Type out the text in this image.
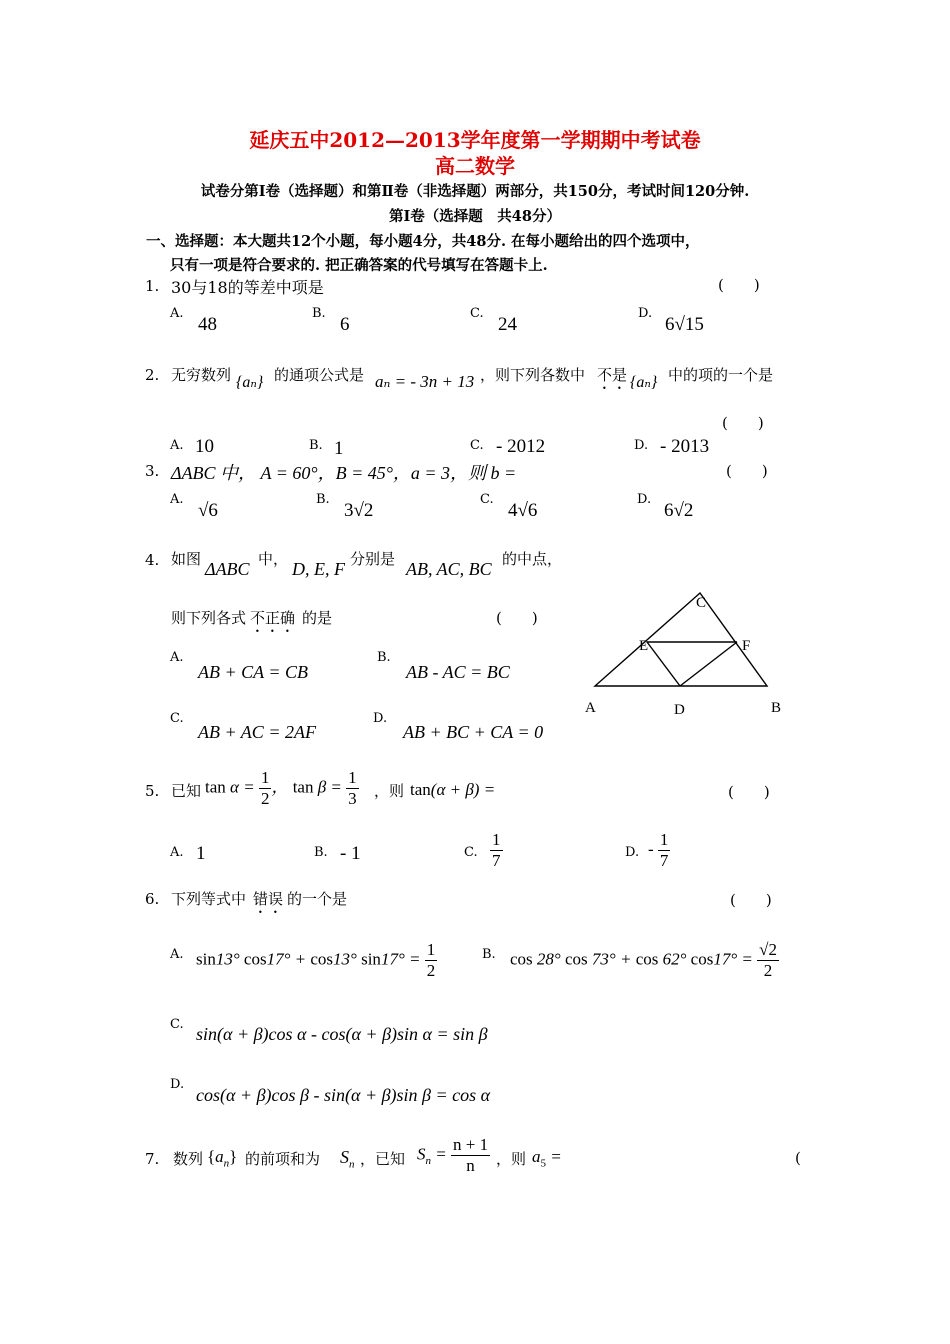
延庆五中2012—2013学年度第一学期期中考试卷
高二数学
试卷分第Ⅰ卷（选择题）和第Ⅱ卷（非选择题）两部分，共150分，考试时间120分钟.
第Ⅰ卷（选择题　共48分）
一、选择题：本大题共12个小题，每小题4分，共48分. 在每小题给出的四个选项中，
只有一项是符合要求的. 把正确答案的代号填写在答题卡上.
1. 30与18的等差中项是	(　　)
A.
48
B.
6
C.
24
D.
6√15
2. 无穷数列 {aₙ} 的通项公式是 aₙ = - 3n + 13 ，则下列各数中 不是 {aₙ} 中的项的一个是
(　　)
A. 10	B. 1	C. - 2012	D. - 2013
3. ΔABC 中， A = 60°，B = 45°，a = 3，则 b =	(　　)
A.
√6
B.
3√2
C.
4√6
D.
6√2
4. 如图 ΔABC 中， D, E, F 分别是 AB, AC, BC 的中点，
则下列各式 不正确 的是	(　　)
A.
AB + CA = CB
B.
AB - AC = BC
C.
AB + AC = 2AF
D.
AB + BC + CA = 0
A	B
C
D
E	F
5. 已知 $\tan \alpha = \frac{1}{2}$ ， $\tan \beta = \frac{1}{3}$ ，则 tan(α + β) =	(　　)
A. 1	B. - 1	C. $\frac{1}{7}$	D. - $\frac{1}{7}$
6. 下列等式中 错误 的一个是	(　　)
A. sin13° cos17° + cos13° $\sin 17^\circ = \frac{1}{2}$	B. cos 28° cos 73° + cos 62° $\cos 17^\circ = \frac{√2}{2}$
C. sin(α + β)cos α - cos(α + β)sin α = sin β
D.
cos(α + β)cos β - sin(α + β)sin β = cos α
7. 数列 $\{a_n\}$ 的前项和为 $S_n$ ，已知 $S_n = \frac{n + 1}{n}$ ，则 $a_5$ =	(
